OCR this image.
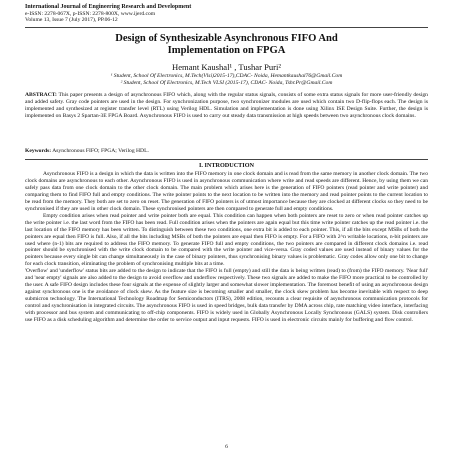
International Journal of Engineering Research and Development
e-ISSN: 2278-067X, p-ISSN: 2278-800X, www.ijerd.com
Volume 13, Issue 7 (July 2017), PP.06-12
Design of Synthesizable Asynchronous FIFO And
Implementation on FPGA
Hemant Kaushal¹ , Tushar Puri²
¹ Student, School Of Electronics, M.Tech(Vlsi)2015-17),CDAC- Noida, Hemantkaushal76@Gmail.Com
² Student, School Of Electronics, M.Tech VLSI (2015-17), CDAC- Noida, Tshr.Pr@Gmail.Com
ABSTRACT: This paper presents a design of asynchronous FIFO which, along with the regular status signals, consists of some extra status signals for more user-friendly design and added safety. Gray code pointers are used in the design. For synchronization purpose, two synchronizer modules are used which contain two D-flip-flops each. The design is implemented and synthesized at register transfer level (RTL) using Verilog HDL. Simulation and implementation is done using Xilinx ISE Design Suite. Further, the design is implemented on Basys 2 Spartan-3E FPGA Board. Asynchronous FIFO is used to carry out steady data transmission at high speeds between two asynchronous clock domains.
Keywords: Asynchronous FIFO; FPGA; Verilog HDL.
I. INTRODUCTION

Asynchronous FIFO is a design in which the data is written into the FIFO memory in one clock domain and is read from the same memory in another clock domain. The two clock domains are asynchronous to each other. Asynchronous FIFO is used in asynchronous communication where write and read speeds are different. Hence, by using them we can safely pass data from one clock domain to the other clock domain. The main problem which arises here is the generation of FIFO pointers (read pointer and write pointer) and comparing them to find FIFO full and empty conditions. The write pointer points to the next location to be written into the memory and read pointer points to the current location to be read from the memory. They both are set to zero on reset. The generation of FIFO pointers is of utmost importance because they are clocked at different clocks so they need to be synchronised if they are used in other clock domain. These synchronised pointers are then compared to generate full and empty conditions.

Empty condition arises when read pointer and write pointer both are equal. This condition can happen when both pointers are reset to zero or when read pointer catches up the write pointer i.e. the last word from the FIFO has been read. Full condition arises when the pointers are again equal but this time write pointer catches up the read pointer i.e. the last location of the FIFO memory has been written. To distinguish between these two conditions, one extra bit is added to each pointer. This, if all the bits except MSBs of both the pointers are equal then FIFO is full. Also, if all the bits including MSBs of both the pointers are equal then FIFO is empty. For a FIFO with 2^n writable locations, n-bit pointers are used where (n-1) bits are required to address the FIFO memory. To generate FIFO full and empty conditions, the two pointers are compared in different clock domains i.e. read pointer should be synchronised with the write clock domain to be compared with the write pointer and vice-versa. Gray coded values are used instead of binary values for the pointers because every single bit can change simultaneously in the case of binary pointers, thus synchronising binary values is problematic. Gray codes allow only one bit to change for each clock transition, eliminating the problem of synchronising multiple bits at a time.

'Overflow' and 'underflow' status bits are added to the design to indicate that the FIFO is full (empty) and still the data is being written (read) to (from) the FIFO memory. 'Near full' and 'near empty' signals are also added to the design to avoid overflow and underflow respectively. These two signals are added to make the FIFO more practical to be controlled by the user. A safe FIFO design includes these four signals at the expense of slightly larger and somewhat slower implementation. The foremost benefit of using an asynchronous design against synchronous one is the avoidance of clock skew. As the feature size is becoming smaller and smaller, the clock skew problem has become inevitable with respect to deep submicron technology. The International Technology Roadmap for Semiconductors (ITRS), 2008 edition, recounts a clear requisite of asynchronous communication protocols for control and synchronisation in integrated circuits. The asynchronous FIFO is used in speed bridges, bulk data transfer by DMA across chip, rate matching video interface, interfacing with processor and bus system and communicating to off-chip components. FIFO is widely used in Globally Asynchronous Locally Synchronous (GALS) system. Disk controllers use FIFO as a disk scheduling algorithm and determine the order to service output and input requests. FIFO is used in electronic circuits mainly for buffering and flow control.

6
